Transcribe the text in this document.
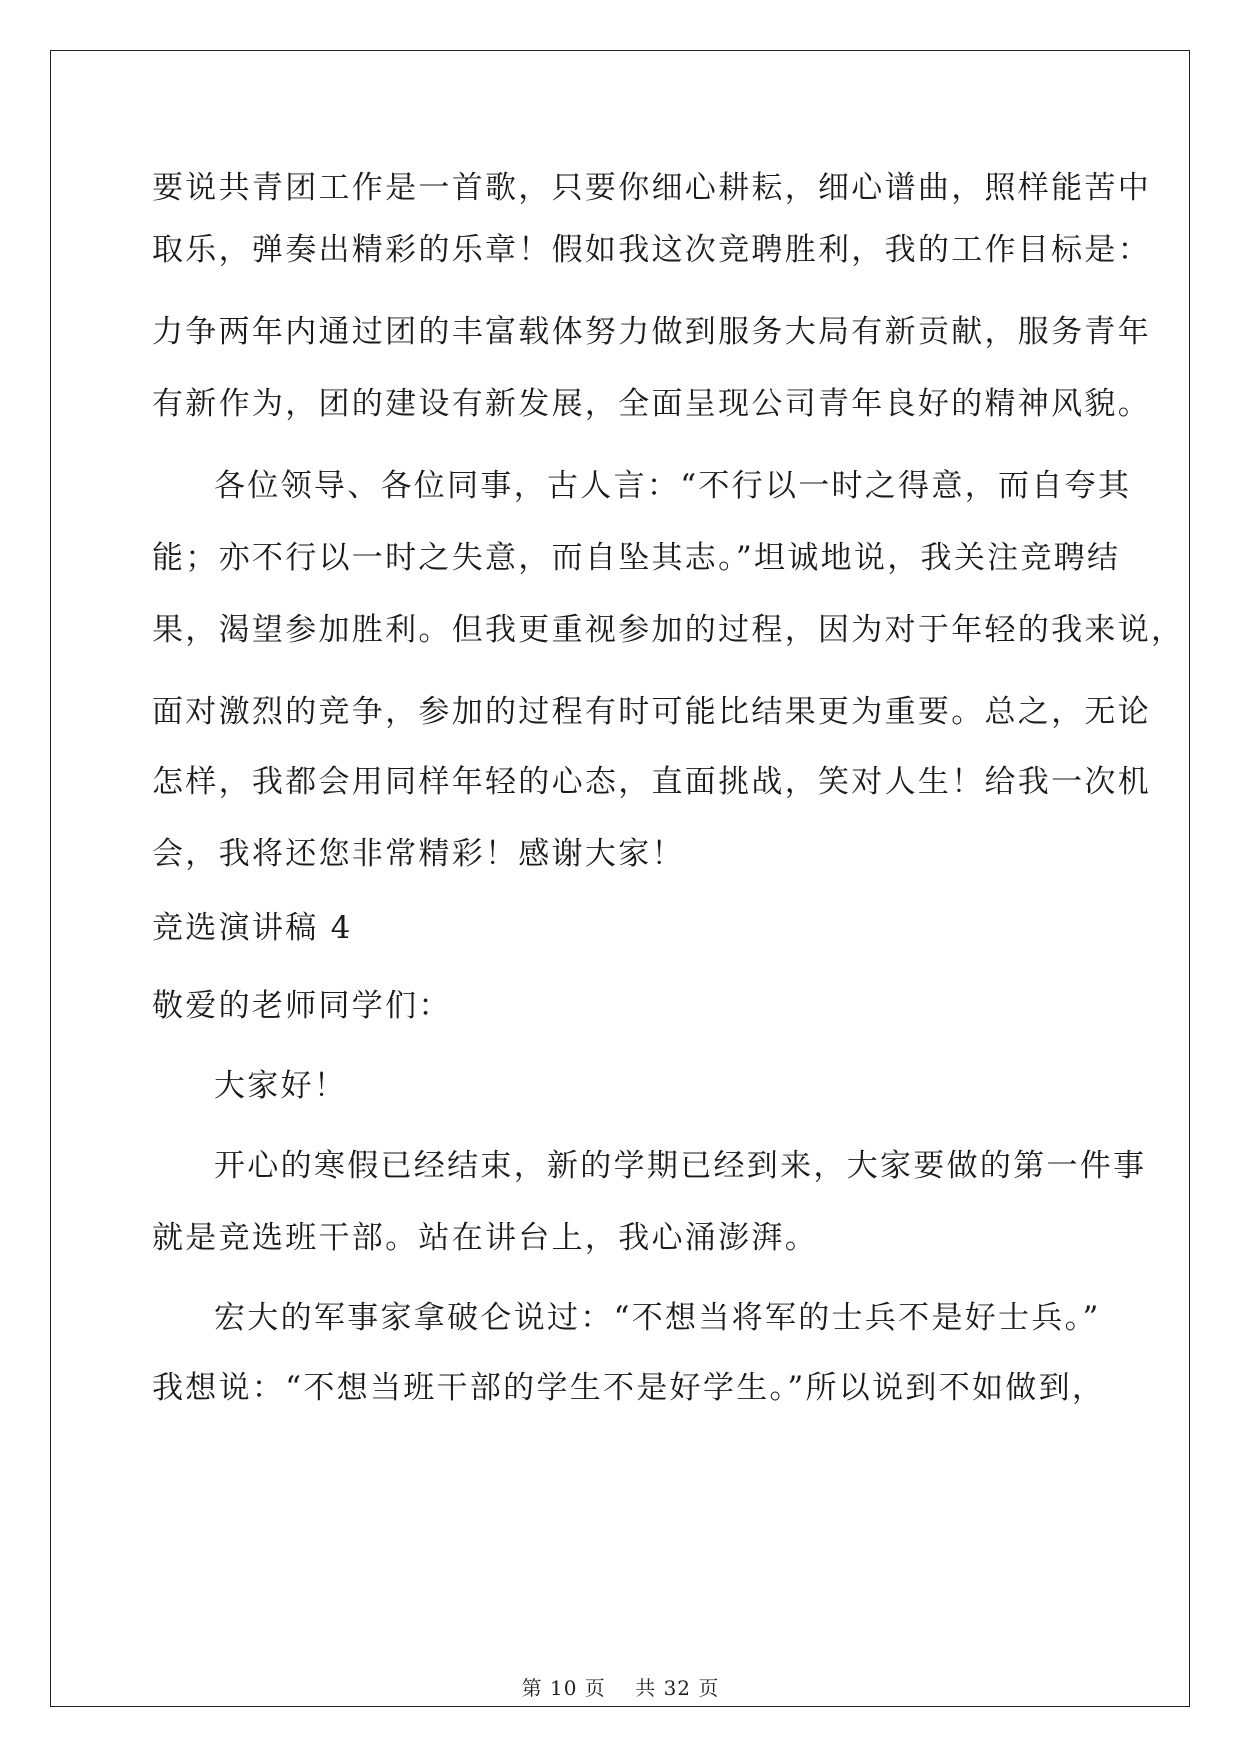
要说共青团工作是一首歌，只要你细心耕耘，细心谱曲，照样能苦中
取乐，弹奏出精彩的乐章！假如我这次竞聘胜利，我的工作目标是：
力争两年内通过团的丰富载体努力做到服务大局有新贡献，服务青年
有新作为，团的建设有新发展，全面呈现公司青年良好的精神风貌。
各位领导、各位同事，古人言：“不行以一时之得意，而自夸其
能；亦不行以一时之失意，而自坠其志。”坦诚地说，我关注竞聘结
果，渴望参加胜利。但我更重视参加的过程，因为对于年轻的我来说，
面对激烈的竞争，参加的过程有时可能比结果更为重要。总之，无论
怎样，我都会用同样年轻的心态，直面挑战，笑对人生！给我一次机
会，我将还您非常精彩！感谢大家！
竞选演讲稿 4
敬爱的老师同学们：
大家好！
开心的寒假已经结束，新的学期已经到来，大家要做的第一件事
就是竞选班干部。站在讲台上，我心涌澎湃。
宏大的军事家拿破仑说过：“不想当将军的士兵不是好士兵。”
我想说：“不想当班干部的学生不是好学生。”所以说到不如做到，
第 10 页 共 32 页
